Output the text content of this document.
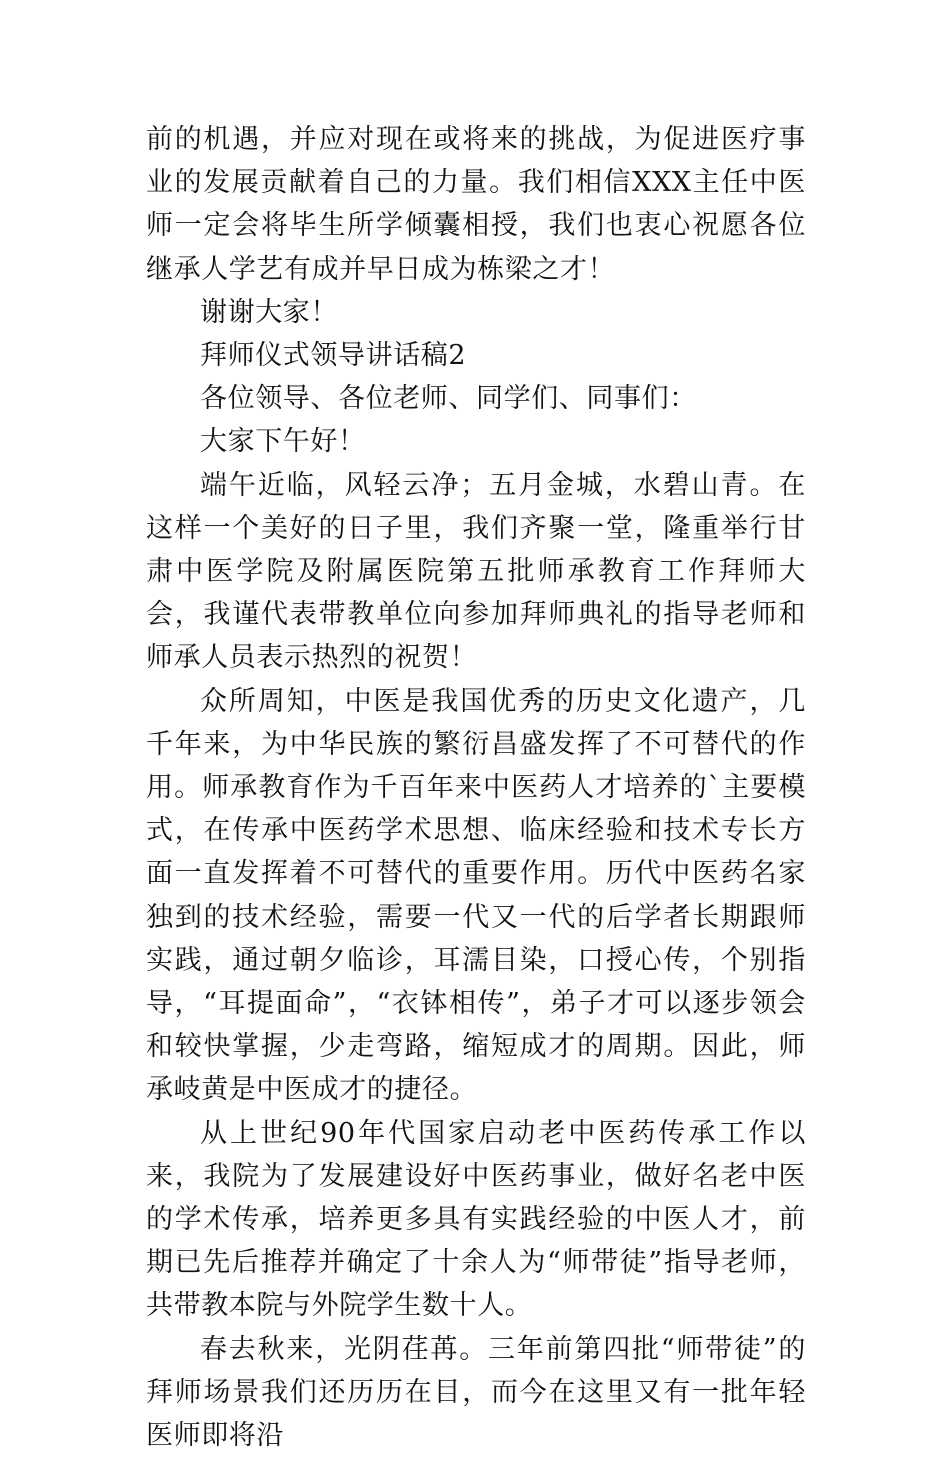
前的机遇，并应对现在或将来的挑战，为促进医疗事业的发展贡献着自己的力量。我们相信XXX主任中医师一定会将毕生所学倾囊相授，我们也衷心祝愿各位继承人学艺有成并早日成为栋梁之才！

谢谢大家！

拜师仪式领导讲话稿2

各位领导、各位老师、同学们、同事们：

大家下午好！

端午近临，风轻云净；五月金城，水碧山青。在这样一个美好的日子里，我们齐聚一堂，隆重举行甘肃中医学院及附属医院第五批师承教育工作拜师大会，我谨代表带教单位向参加拜师典礼的指导老师和师承人员表示热烈的祝贺！

众所周知，中医是我国优秀的历史文化遗产，几千年来，为中华民族的繁衍昌盛发挥了不可替代的作用。师承教育作为千百年来中医药人才培养的`主要模式，在传承中医药学术思想、临床经验和技术专长方面一直发挥着不可替代的重要作用。历代中医药名家独到的技术经验，需要一代又一代的后学者长期跟师实践，通过朝夕临诊，耳濡目染，口授心传，个别指导，“耳提面命”，“衣钵相传”，弟子才可以逐步领会和较快掌握，少走弯路，缩短成才的周期。因此，师承岐黄是中医成才的捷径。

从上世纪90年代国家启动老中医药传承工作以来，我院为了发展建设好中医药事业，做好名老中医的学术传承，培养更多具有实践经验的中医人才，前期已先后推荐并确定了十余人为“师带徒”指导老师，共带教本院与外院学生数十人。

春去秋来，光阴荏苒。三年前第四批“师带徒”的拜师场景我们还历历在目，而今在这里又有一批年轻医师即将沿
